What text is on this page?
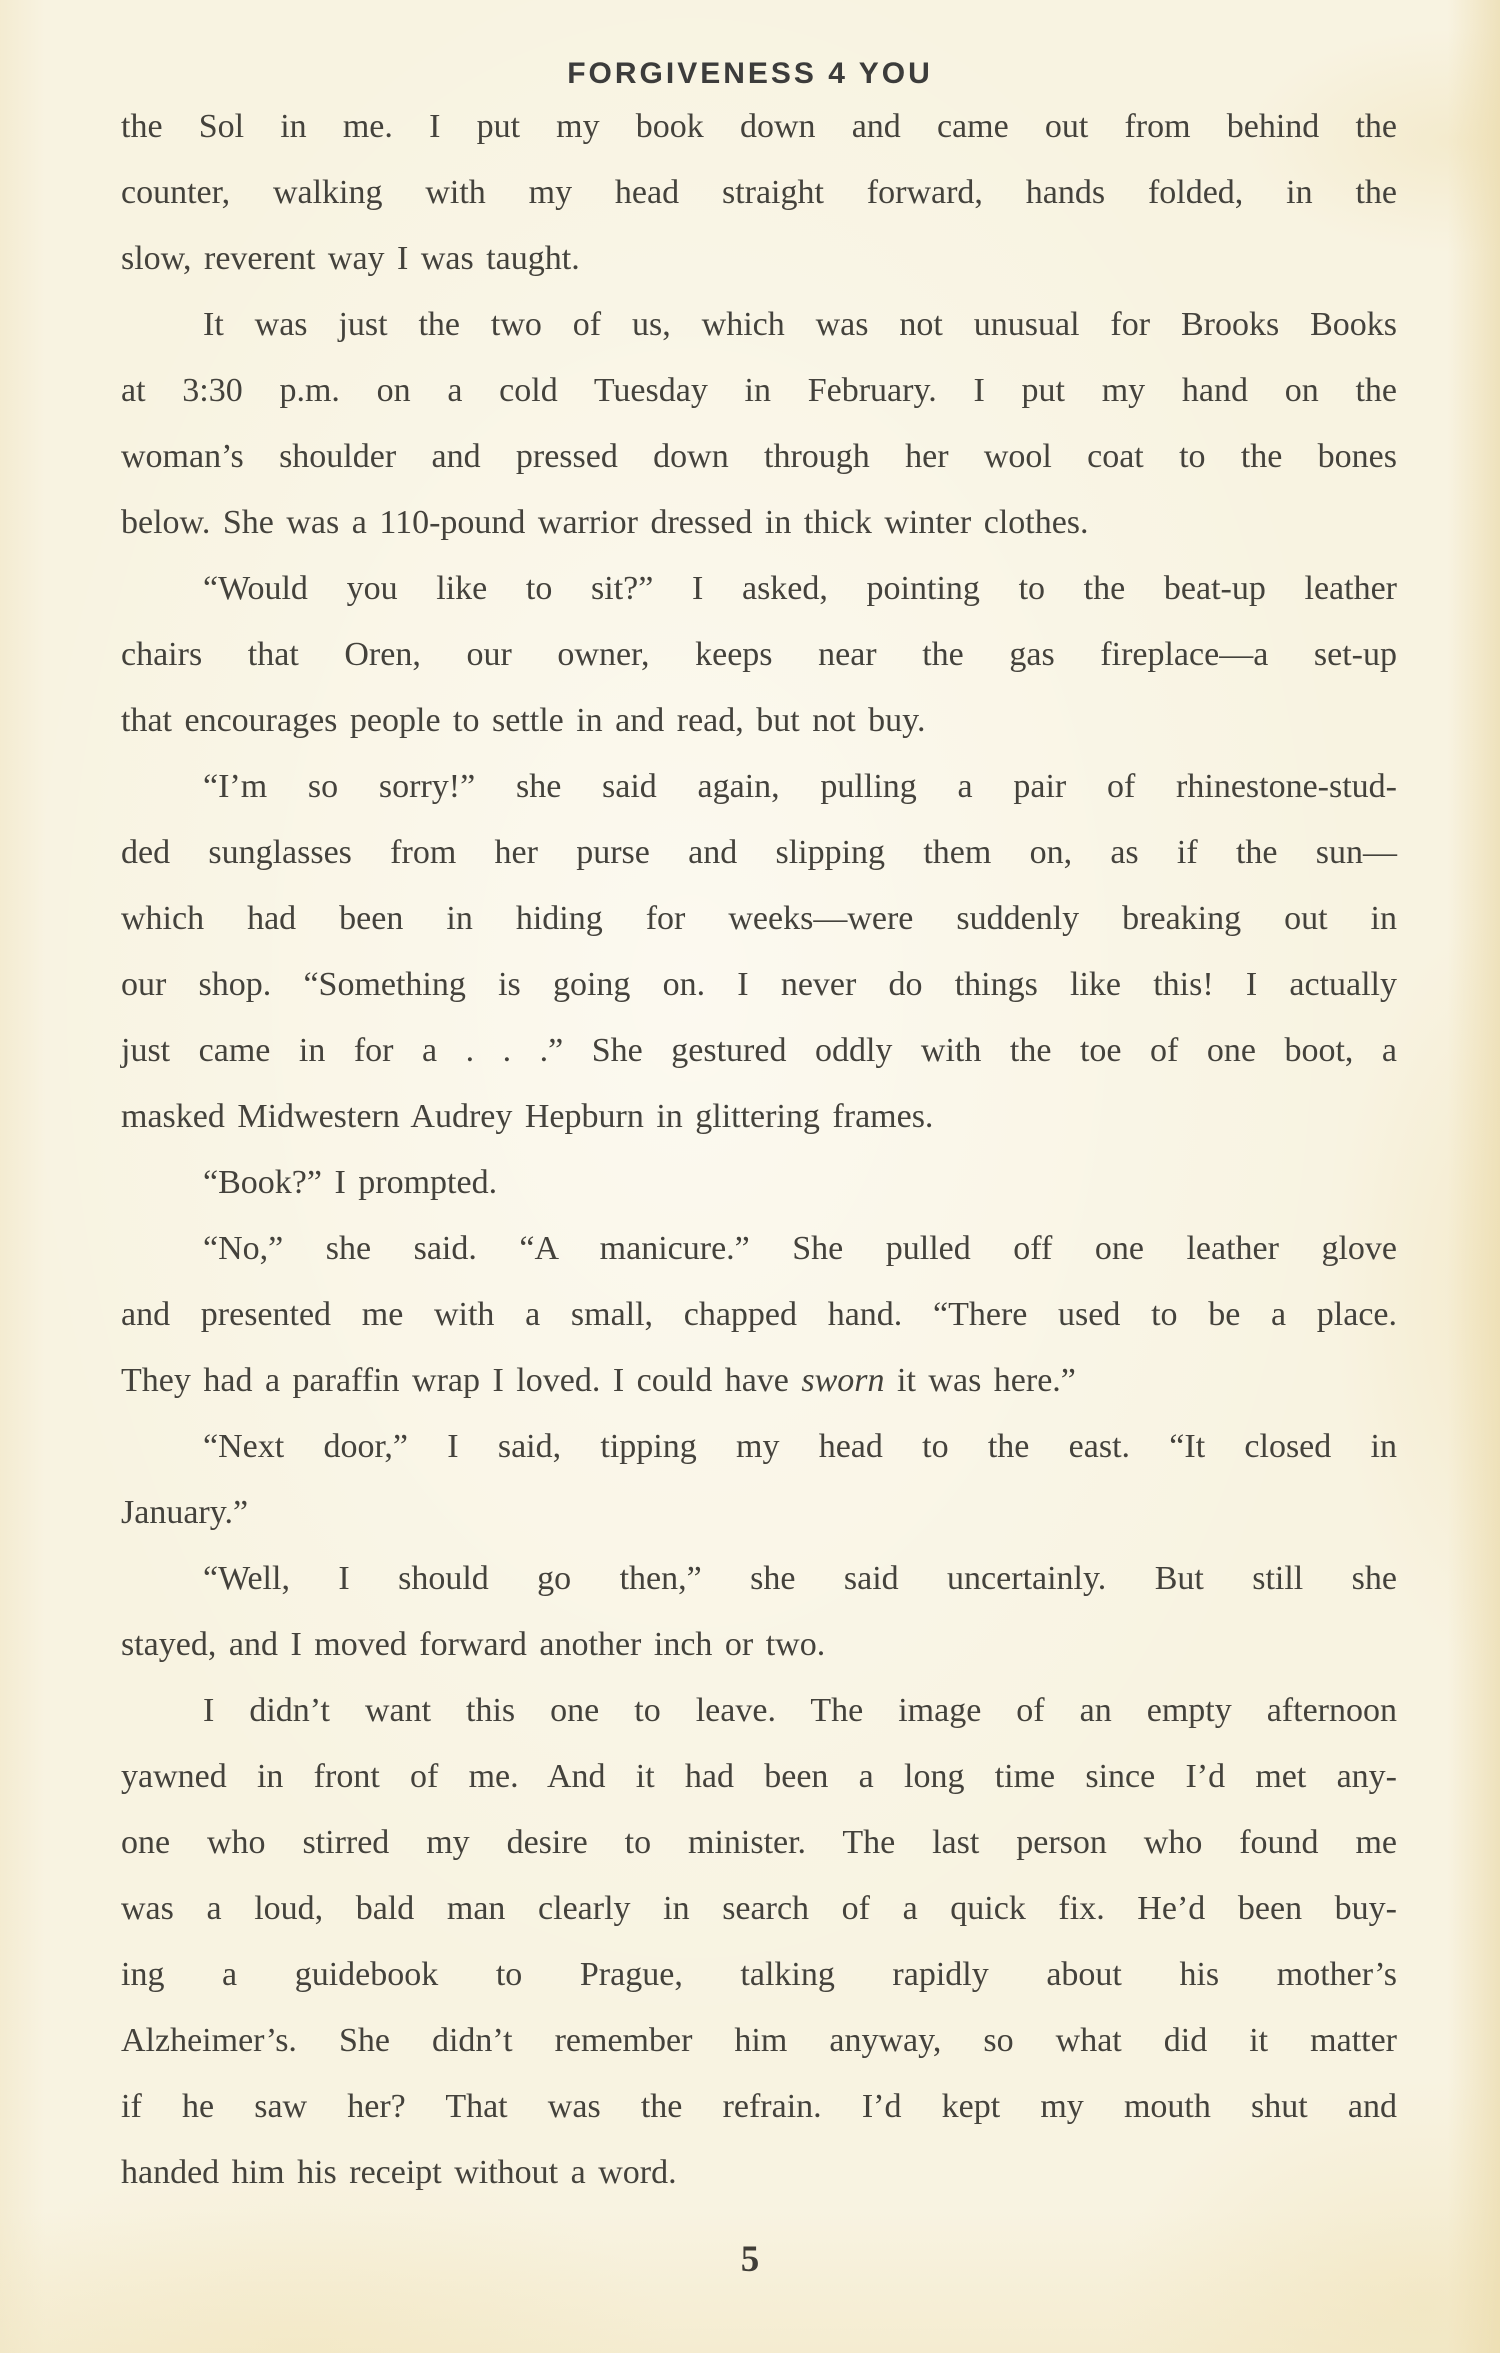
FORGIVENESS 4 YOU
the Sol in me. I put my book down and came out from behind the
counter, walking with my head straight forward, hands folded, in the
slow, reverent way I was taught.
It was just the two of us, which was not unusual for Brooks Books
at 3:30 p.m. on a cold Tuesday in February. I put my hand on the
woman’s shoulder and pressed down through her wool coat to the bones
below. She was a 110-pound warrior dressed in thick winter clothes.
“Would you like to sit?” I asked, pointing to the beat-up leather
chairs that Oren, our owner, keeps near the gas fireplace—a set-up
that encourages people to settle in and read, but not buy.
“I’m so sorry!” she said again, pulling a pair of rhinestone-stud-
ded sunglasses from her purse and slipping them on, as if the sun—
which had been in hiding for weeks—were suddenly breaking out in
our shop. “Something is going on. I never do things like this! I actually
just came in for a . . .” She gestured oddly with the toe of one boot, a
masked Midwestern Audrey Hepburn in glittering frames.
“Book?” I prompted.
“No,” she said. “A manicure.” She pulled off one leather glove
and presented me with a small, chapped hand. “There used to be a place.
They had a paraffin wrap I loved. I could have sworn it was here.”
“Next door,” I said, tipping my head to the east. “It closed in
January.”
“Well, I should go then,” she said uncertainly. But still she
stayed, and I moved forward another inch or two.
I didn’t want this one to leave. The image of an empty afternoon
yawned in front of me. And it had been a long time since I’d met any-
one who stirred my desire to minister. The last person who found me
was a loud, bald man clearly in search of a quick fix. He’d been buy-
ing a guidebook to Prague, talking rapidly about his mother’s
Alzheimer’s. She didn’t remember him anyway, so what did it matter
if he saw her? That was the refrain. I’d kept my mouth shut and
handed him his receipt without a word.
5
